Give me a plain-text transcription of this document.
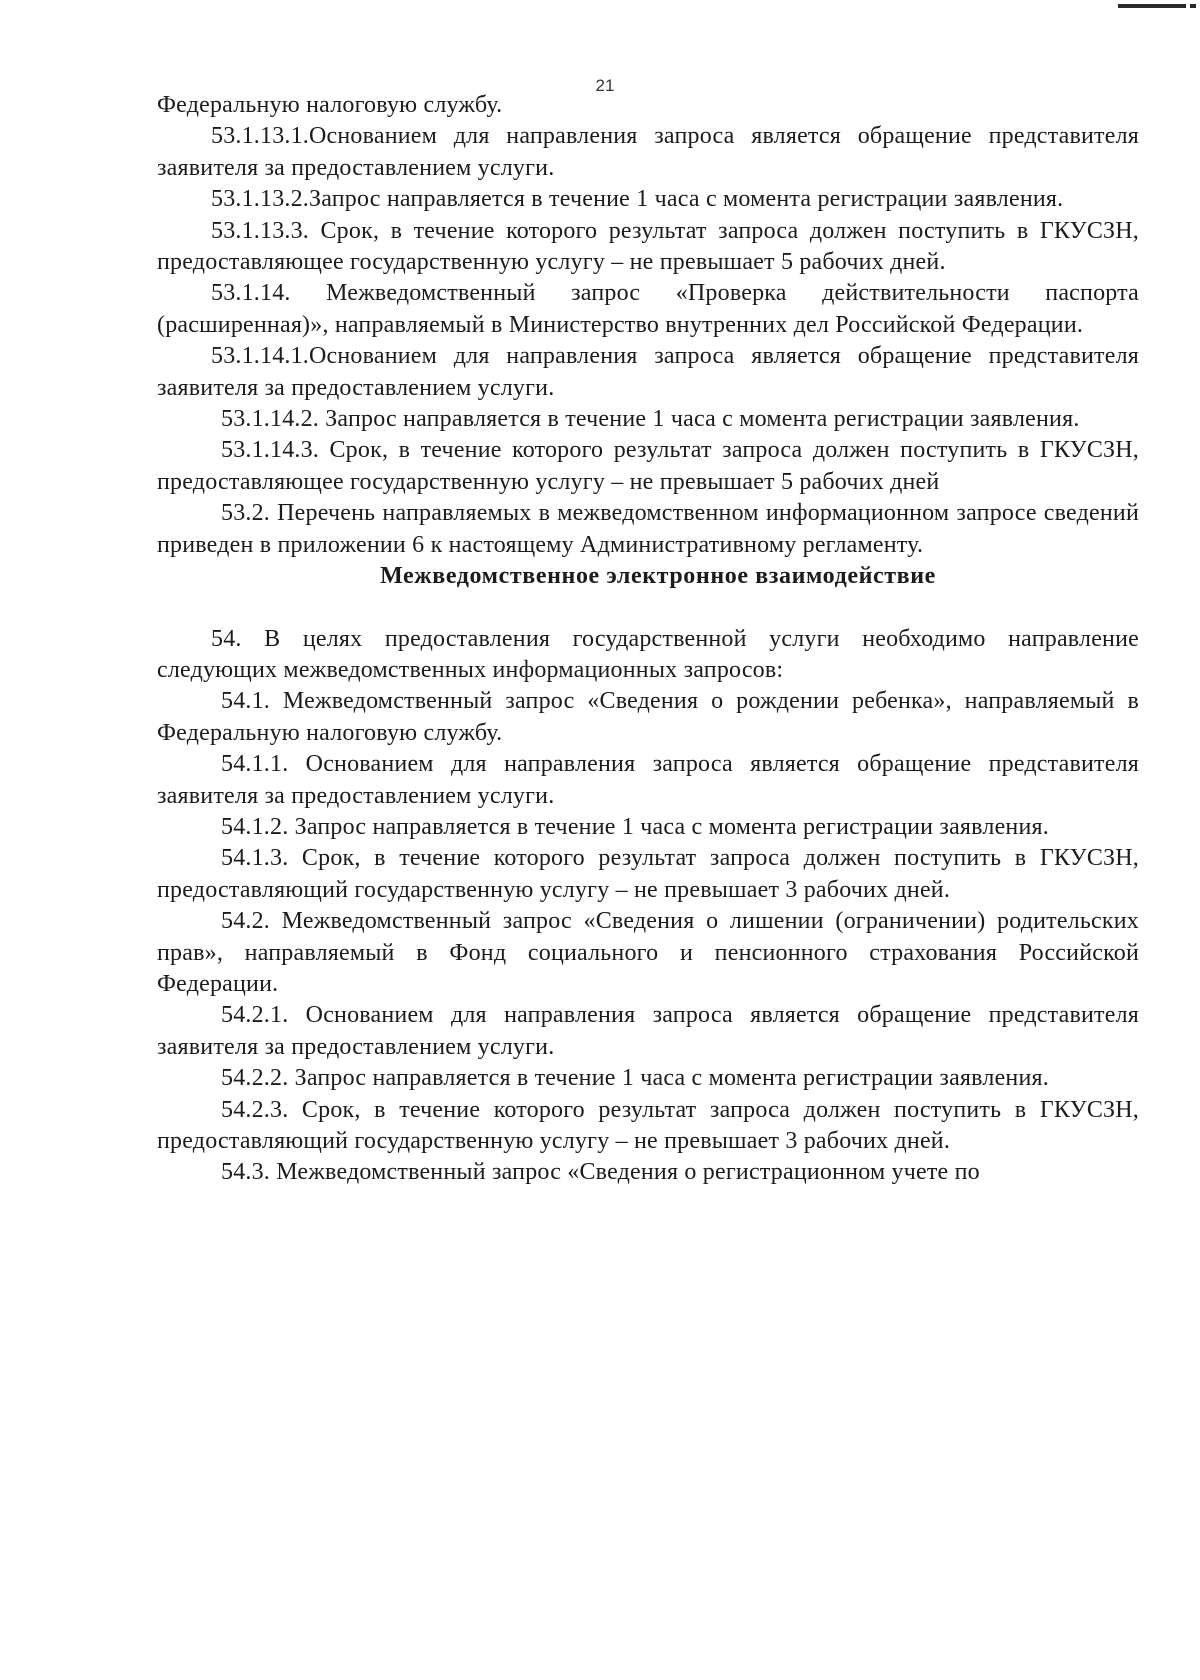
21

Федеральную налоговую службу.

53.1.13.1.Основанием для направления запроса является обращение представителя заявителя за предоставлением услуги.

53.1.13.2.Запрос направляется в течение 1 часа с момента регистрации заявления.

53.1.13.3. Срок, в течение которого результат запроса должен поступить в ГКУСЗН, предоставляющее государственную услугу – не превышает 5 рабочих дней.

53.1.14. Межведомственный запрос «Проверка действительности паспорта (расширенная)», направляемый в Министерство внутренних дел Российской Федерации.

53.1.14.1.Основанием для направления запроса является обращение представителя заявителя за предоставлением услуги.

53.1.14.2. Запрос направляется в течение 1 часа с момента регистрации заявления.

53.1.14.3. Срок, в течение которого результат запроса должен поступить в ГКУСЗН, предоставляющее государственную услугу – не превышает 5 рабочих дней

53.2. Перечень направляемых в межведомственном информационном запросе сведений приведен в приложении 6 к настоящему Административному регламенту.

Межведомственное электронное взаимодействие

54. В целях предоставления государственной услуги необходимо направление следующих межведомственных информационных запросов:

54.1. Межведомственный запрос «Сведения о рождении ребенка», направляемый в Федеральную налоговую службу.

54.1.1. Основанием для направления запроса является обращение представителя заявителя за предоставлением услуги.

54.1.2. Запрос направляется в течение 1 часа с момента регистрации заявления.

54.1.3. Срок, в течение которого результат запроса должен поступить в ГКУСЗН, предоставляющий государственную услугу – не превышает 3 рабочих дней.

54.2. Межведомственный запрос «Сведения о лишении (ограничении) родительских прав», направляемый в Фонд социального и пенсионного страхования Российской Федерации.

54.2.1. Основанием для направления запроса является обращение представителя заявителя за предоставлением услуги.

54.2.2. Запрос направляется в течение 1 часа с момента регистрации заявления.

54.2.3. Срок, в течение которого результат запроса должен поступить в ГКУСЗН, предоставляющий государственную услугу – не превышает 3 рабочих дней.

54.3. Межведомственный запрос «Сведения о регистрационном учете по
